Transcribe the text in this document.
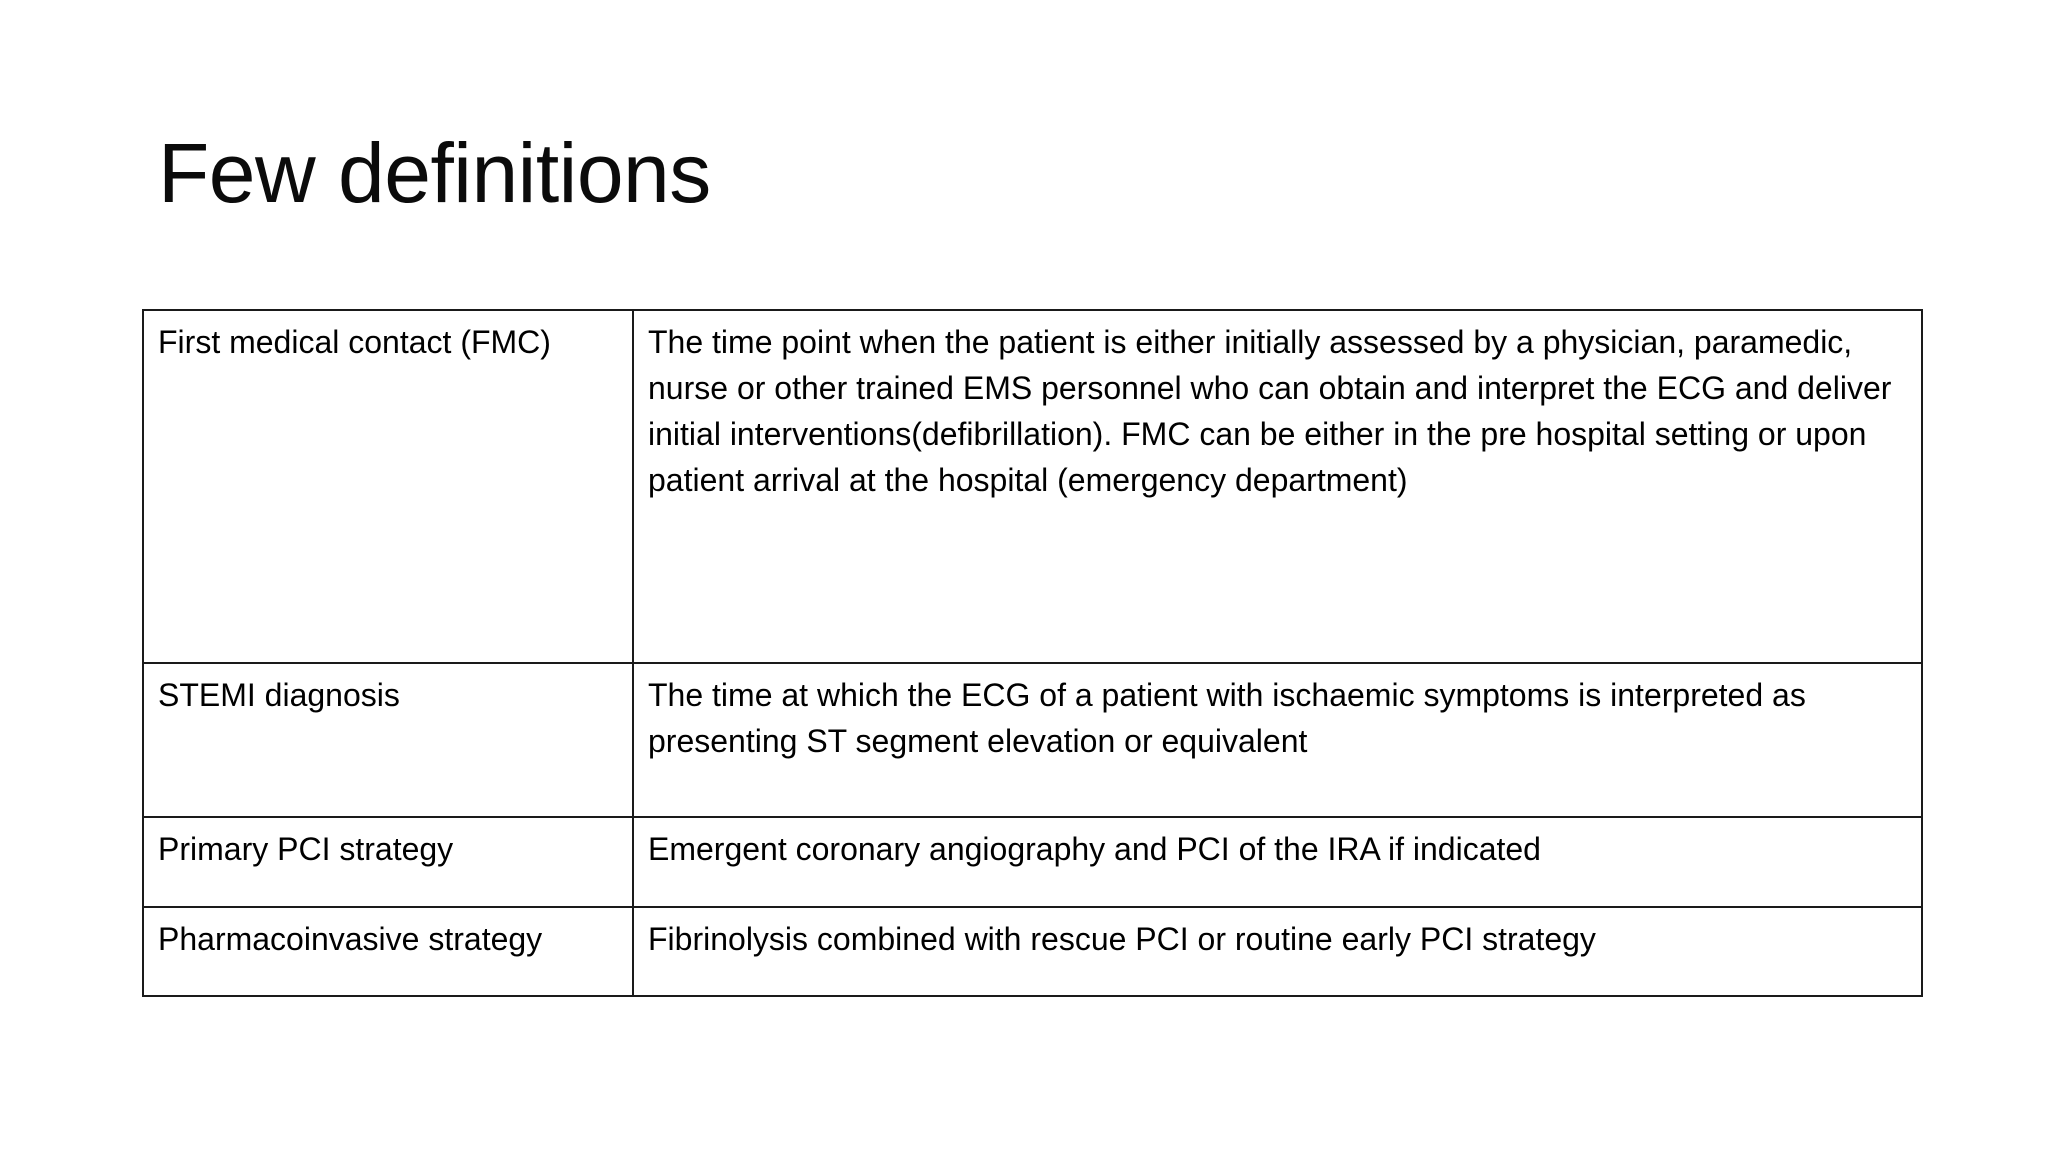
Few definitions
First medical contact (FMC)	The time point when the patient is either initially assessed by a physician, paramedic, nurse or other trained EMS personnel who can obtain and interpret the ECG and deliver initial interventions(defibrillation). FMC can be either in the pre hospital setting or upon patient arrival at the hospital (emergency department)
STEMI diagnosis	The time at which the ECG of a patient with ischaemic symptoms is interpreted as presenting ST segment elevation or equivalent
Primary PCI strategy	Emergent coronary angiography and PCI of the IRA if indicated
Pharmacoinvasive strategy	Fibrinolysis combined with rescue PCI or routine early PCI strategy
